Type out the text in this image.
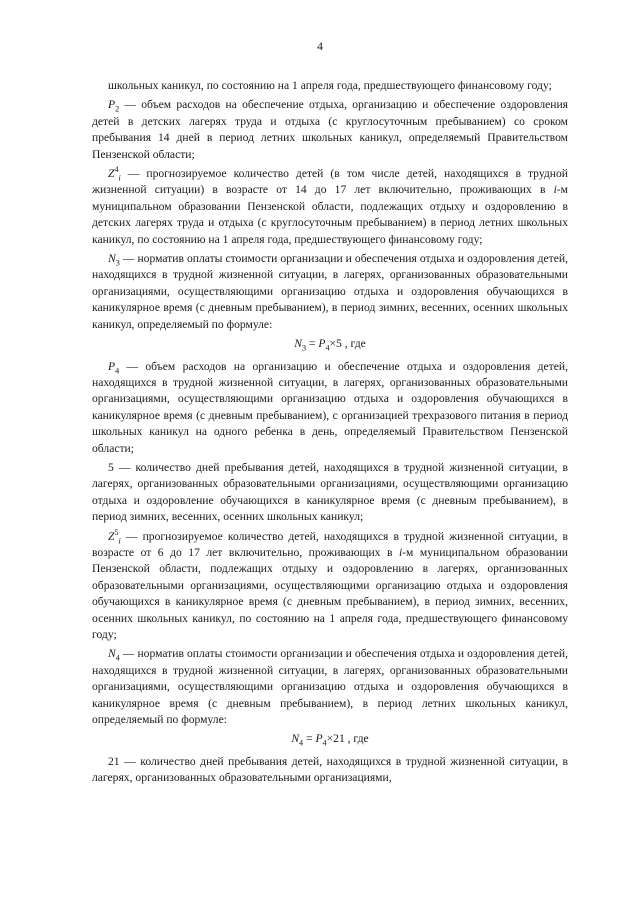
4

школьных каникул, по состоянию на 1 апреля года, предшествующего финансовому году;

$P_2$ — объем расходов на обеспечение отдыха, организацию и обеспечение оздоровления детей в детских лагерях труда и отдыха (с круглосуточным пребыванием) со сроком пребывания 14 дней в период летних школьных каникул, определяемый Правительством Пензенской области;

$Z^4_i$ — прогнозируемое количество детей (в том числе детей, находящихся в трудной жизненной ситуации) в возрасте от 14 до 17 лет включительно, проживающих в i-м муниципальном образовании Пензенской области, подлежащих отдыху и оздоровлению в детских лагерях труда и отдыха (с круглосуточным пребыванием) в период летних школьных каникул, по состоянию на 1 апреля года, предшествующего финансовому году;

$N_3$ — норматив оплаты стоимости организации и обеспечения отдыха и оздоровления детей, находящихся в трудной жизненной ситуации, в лагерях, организованных образовательными организациями, осуществляющими организацию отдыха и оздоровления обучающихся в каникулярное время (с дневным пребыванием), в период зимних, весенних, осенних школьных каникул, определяемый по формуле:

$N_3 = P_4\times 5$ , где

$P_4$ — объем расходов на организацию и обеспечение отдыха и оздоровления детей, находящихся в трудной жизненной ситуации, в лагерях, организованных образовательными организациями, осуществляющими организацию отдыха и оздоровления обучающихся в каникулярное время (с дневным пребыванием), с организацией трехразового питания в период школьных каникул на одного ребенка в день, определяемый Правительством Пензенской области;

5 — количество дней пребывания детей, находящихся в трудной жизненной ситуации, в лагерях, организованных образовательными организациями, осуществляющими организацию отдыха и оздоровление обучающихся в каникулярное время (с дневным пребыванием), в период зимних, весенних, осенних школьных каникул;

$Z^5_i$ — прогнозируемое количество детей, находящихся в трудной жизненной ситуации, в возрасте от 6 до 17 лет включительно, проживающих в i-м муниципальном образовании Пензенской области, подлежащих отдыху и оздоровлению в лагерях, организованных образовательными организациями, осуществляющими организацию отдыха и оздоровления обучающихся в каникулярное время (с дневным пребыванием), в период зимних, весенних, осенних школьных каникул, по состоянию на 1 апреля года, предшествующего финансовому году;

$N_4$ — норматив оплаты стоимости организации и обеспечения отдыха и оздоровления детей, находящихся в трудной жизненной ситуации, в лагерях, организованных образовательными организациями, осуществляющими организацию отдыха и оздоровления обучающихся в каникулярное время (с дневным пребыванием), в период летних школьных каникул, определяемый по формуле:

$N_4 = P_4\times 21$ , где

21 — количество дней пребывания детей, находящихся в трудной жизненной ситуации, в лагерях, организованных образовательными организациями,
